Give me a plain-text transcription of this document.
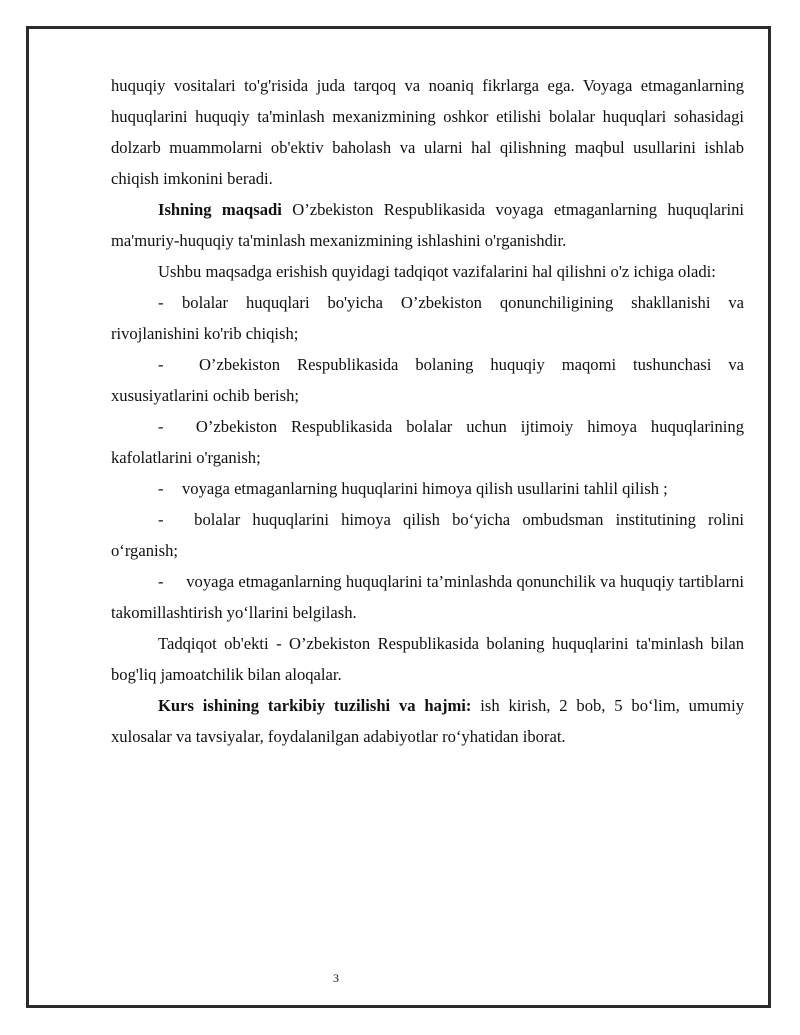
huquqiy vositalari to'g'risida juda tarqoq va noaniq fikrlarga ega. Voyaga etmaganlarning huquqlarini huquqiy ta'minlash mexanizmining oshkor etilishi bolalar huquqlari sohasidagi dolzarb muammolarni ob'ektiv baholash va ularni hal qilishning maqbul usullarini ishlab chiqish imkonini beradi.

Ishning maqsadi O’zbekiston Respublikasida voyaga etmaganlarning huquqlarini ma'muriy-huquqiy ta'minlash mexanizmining ishlashini o'rganishdir.

Ushbu maqsadga erishish quyidagi tadqiqot vazifalarini hal qilishni o'z ichiga oladi:

- bolalar huquqlari bo'yicha O’zbekiston qonunchiligining shakllanishi va rivojlanishini ko'rib chiqish;

- O’zbekiston Respublikasida bolaning huquqiy maqomi tushunchasi va xususiyatlarini ochib berish;

- O’zbekiston Respublikasida bolalar uchun ijtimoiy himoya huquqlarining kafolatlarini o'rganish;

- voyaga etmaganlarning huquqlarini himoya qilish usullarini tahlil qilish ;

- bolalar huquqlarini himoya qilish bo‘yicha ombudsman institutining rolini o‘rganish;

- voyaga etmaganlarning huquqlarini ta’minlashda qonunchilik va huquqiy tartiblarni takomillashtirish yo‘llarini belgilash.

Tadqiqot ob'ekti - O’zbekiston Respublikasida bolaning huquqlarini ta'minlash bilan bog'liq jamoatchilik bilan aloqalar.

Kurs ishining tarkibiy tuzilishi va hajmi: ish kirish, 2 bob, 5 bo‘lim, umumiy xulosalar va tavsiyalar, foydalanilgan adabiyotlar ro‘yhatidan iborat.

3
